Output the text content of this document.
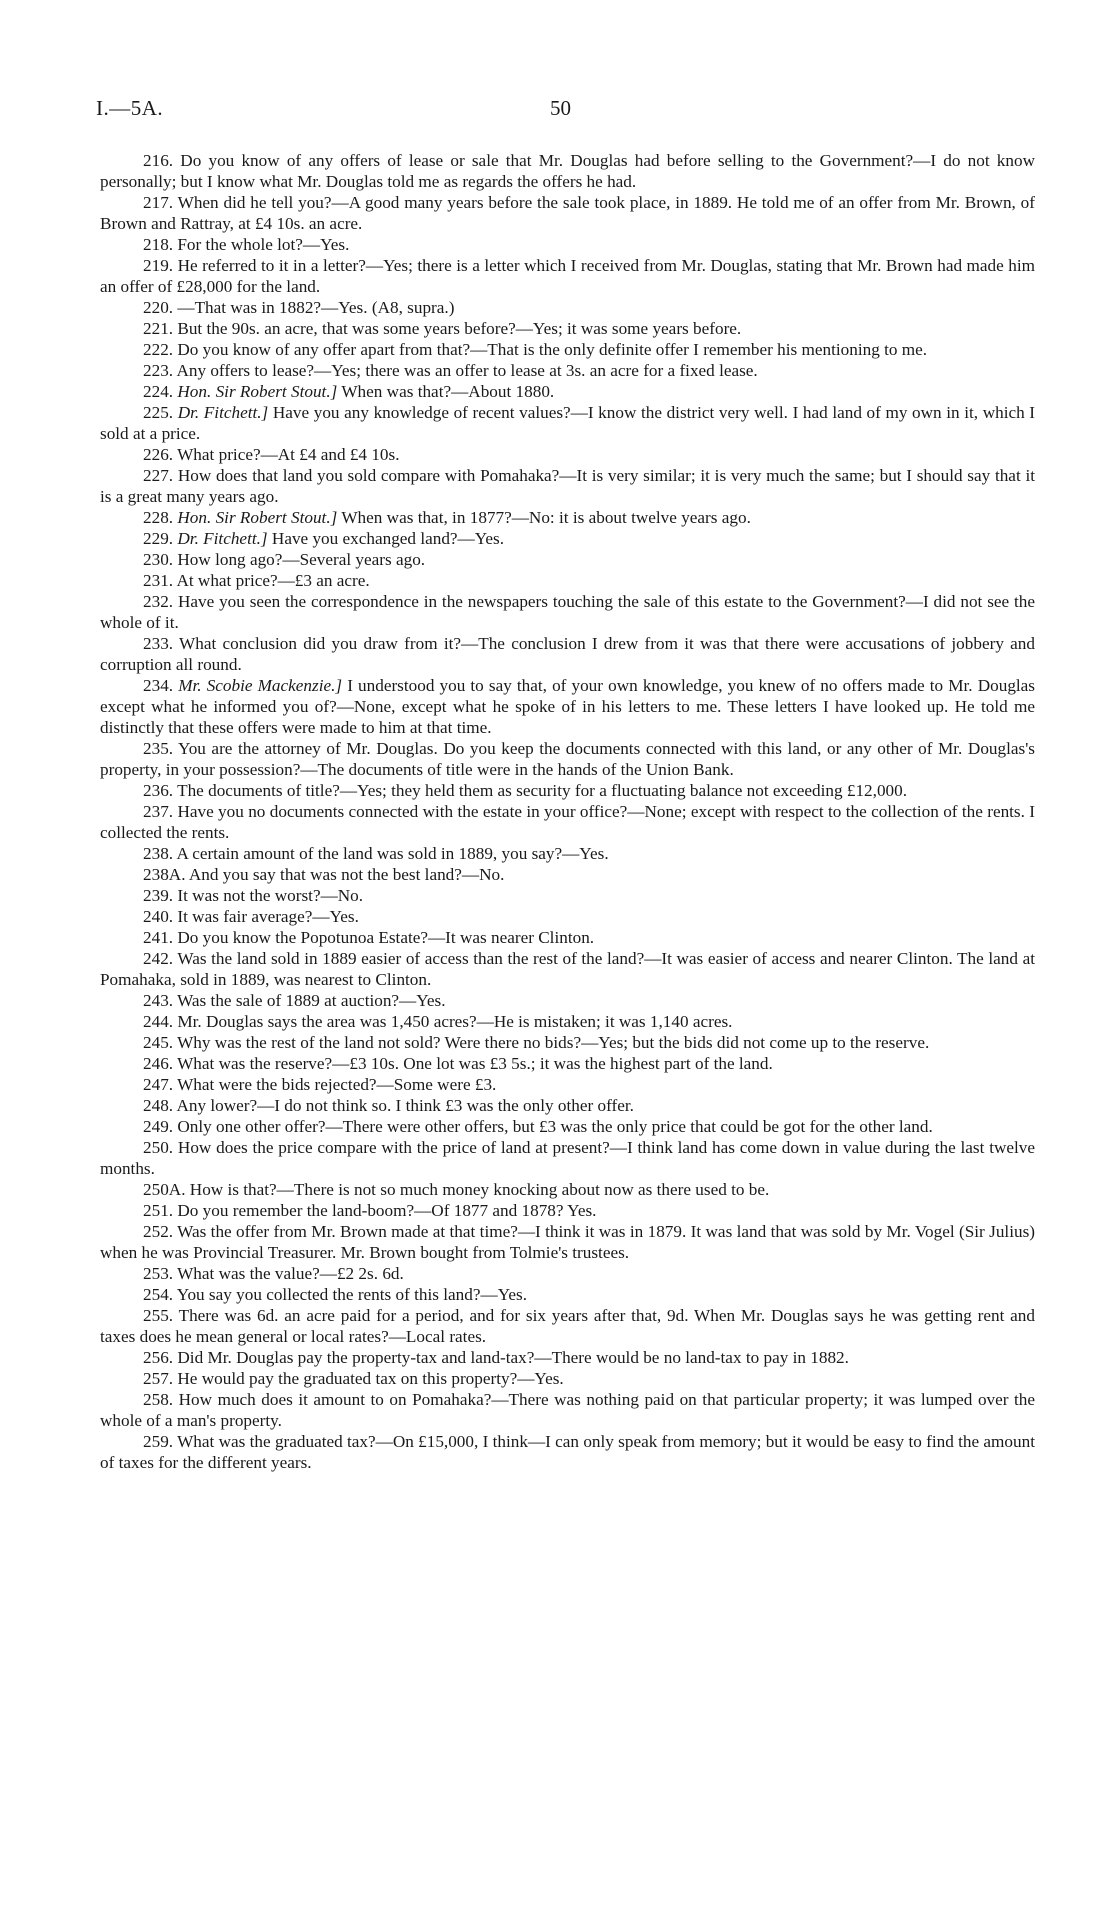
I.—5A.	50

216. Do you know of any offers of lease or sale that Mr. Douglas had before selling to the Government?—I do not know personally; but I know what Mr. Douglas told me as regards the offers he had.

217. When did he tell you?—A good many years before the sale took place, in 1889. He told me of an offer from Mr. Brown, of Brown and Rattray, at £4 10s. an acre.

218. For the whole lot?—Yes.

219. He referred to it in a letter?—Yes; there is a letter which I received from Mr. Douglas, stating that Mr. Brown had made him an offer of £28,000 for the land.

220. —That was in 1882?—Yes. (A8, supra.)

221. But the 90s. an acre, that was some years before?—Yes; it was some years before.

222. Do you know of any offer apart from that?—That is the only definite offer I remember his mentioning to me.

223. Any offers to lease?—Yes; there was an offer to lease at 3s. an acre for a fixed lease.

224. Hon. Sir Robert Stout.] When was that?—About 1880.

225. Dr. Fitchett.] Have you any knowledge of recent values?—I know the district very well. I had land of my own in it, which I sold at a price.

226. What price?—At £4 and £4 10s.

227. How does that land you sold compare with Pomahaka?—It is very similar; it is very much the same; but I should say that it is a great many years ago.

228. Hon. Sir Robert Stout.] When was that, in 1877?—No: it is about twelve years ago.

229. Dr. Fitchett.] Have you exchanged land?—Yes.

230. How long ago?—Several years ago.

231. At what price?—£3 an acre.

232. Have you seen the correspondence in the newspapers touching the sale of this estate to the Government?—I did not see the whole of it.

233. What conclusion did you draw from it?—The conclusion I drew from it was that there were accusations of jobbery and corruption all round.

234. Mr. Scobie Mackenzie.] I understood you to say that, of your own knowledge, you knew of no offers made to Mr. Douglas except what he informed you of?—None, except what he spoke of in his letters to me. These letters I have looked up. He told me distinctly that these offers were made to him at that time.

235. You are the attorney of Mr. Douglas. Do you keep the documents connected with this land, or any other of Mr. Douglas's property, in your possession?—The documents of title were in the hands of the Union Bank.

236. The documents of title?—Yes; they held them as security for a fluctuating balance not exceeding £12,000.

237. Have you no documents connected with the estate in your office?—None; except with respect to the collection of the rents. I collected the rents.

238. A certain amount of the land was sold in 1889, you say?—Yes.

238A. And you say that was not the best land?—No.

239. It was not the worst?—No.

240. It was fair average?—Yes.

241. Do you know the Popotunoa Estate?—It was nearer Clinton.

242. Was the land sold in 1889 easier of access than the rest of the land?—It was easier of access and nearer Clinton. The land at Pomahaka, sold in 1889, was nearest to Clinton.

243. Was the sale of 1889 at auction?—Yes.

244. Mr. Douglas says the area was 1,450 acres?—He is mistaken; it was 1,140 acres.

245. Why was the rest of the land not sold? Were there no bids?—Yes; but the bids did not come up to the reserve.

246. What was the reserve?—£3 10s. One lot was £3 5s.; it was the highest part of the land.

247. What were the bids rejected?—Some were £3.

248. Any lower?—I do not think so. I think £3 was the only other offer.

249. Only one other offer?—There were other offers, but £3 was the only price that could be got for the other land.

250. How does the price compare with the price of land at present?—I think land has come down in value during the last twelve months.

250A. How is that?—There is not so much money knocking about now as there used to be.

251. Do you remember the land-boom?—Of 1877 and 1878? Yes.

252. Was the offer from Mr. Brown made at that time?—I think it was in 1879. It was land that was sold by Mr. Vogel (Sir Julius) when he was Provincial Treasurer. Mr. Brown bought from Tolmie's trustees.

253. What was the value?—£2 2s. 6d.

254. You say you collected the rents of this land?—Yes.

255. There was 6d. an acre paid for a period, and for six years after that, 9d. When Mr. Douglas says he was getting rent and taxes does he mean general or local rates?—Local rates.

256. Did Mr. Douglas pay the property-tax and land-tax?—There would be no land-tax to pay in 1882.

257. He would pay the graduated tax on this property?—Yes.

258. How much does it amount to on Pomahaka?—There was nothing paid on that particular property; it was lumped over the whole of a man's property.

259. What was the graduated tax?—On £15,000, I think—I can only speak from memory; but it would be easy to find the amount of taxes for the different years.
